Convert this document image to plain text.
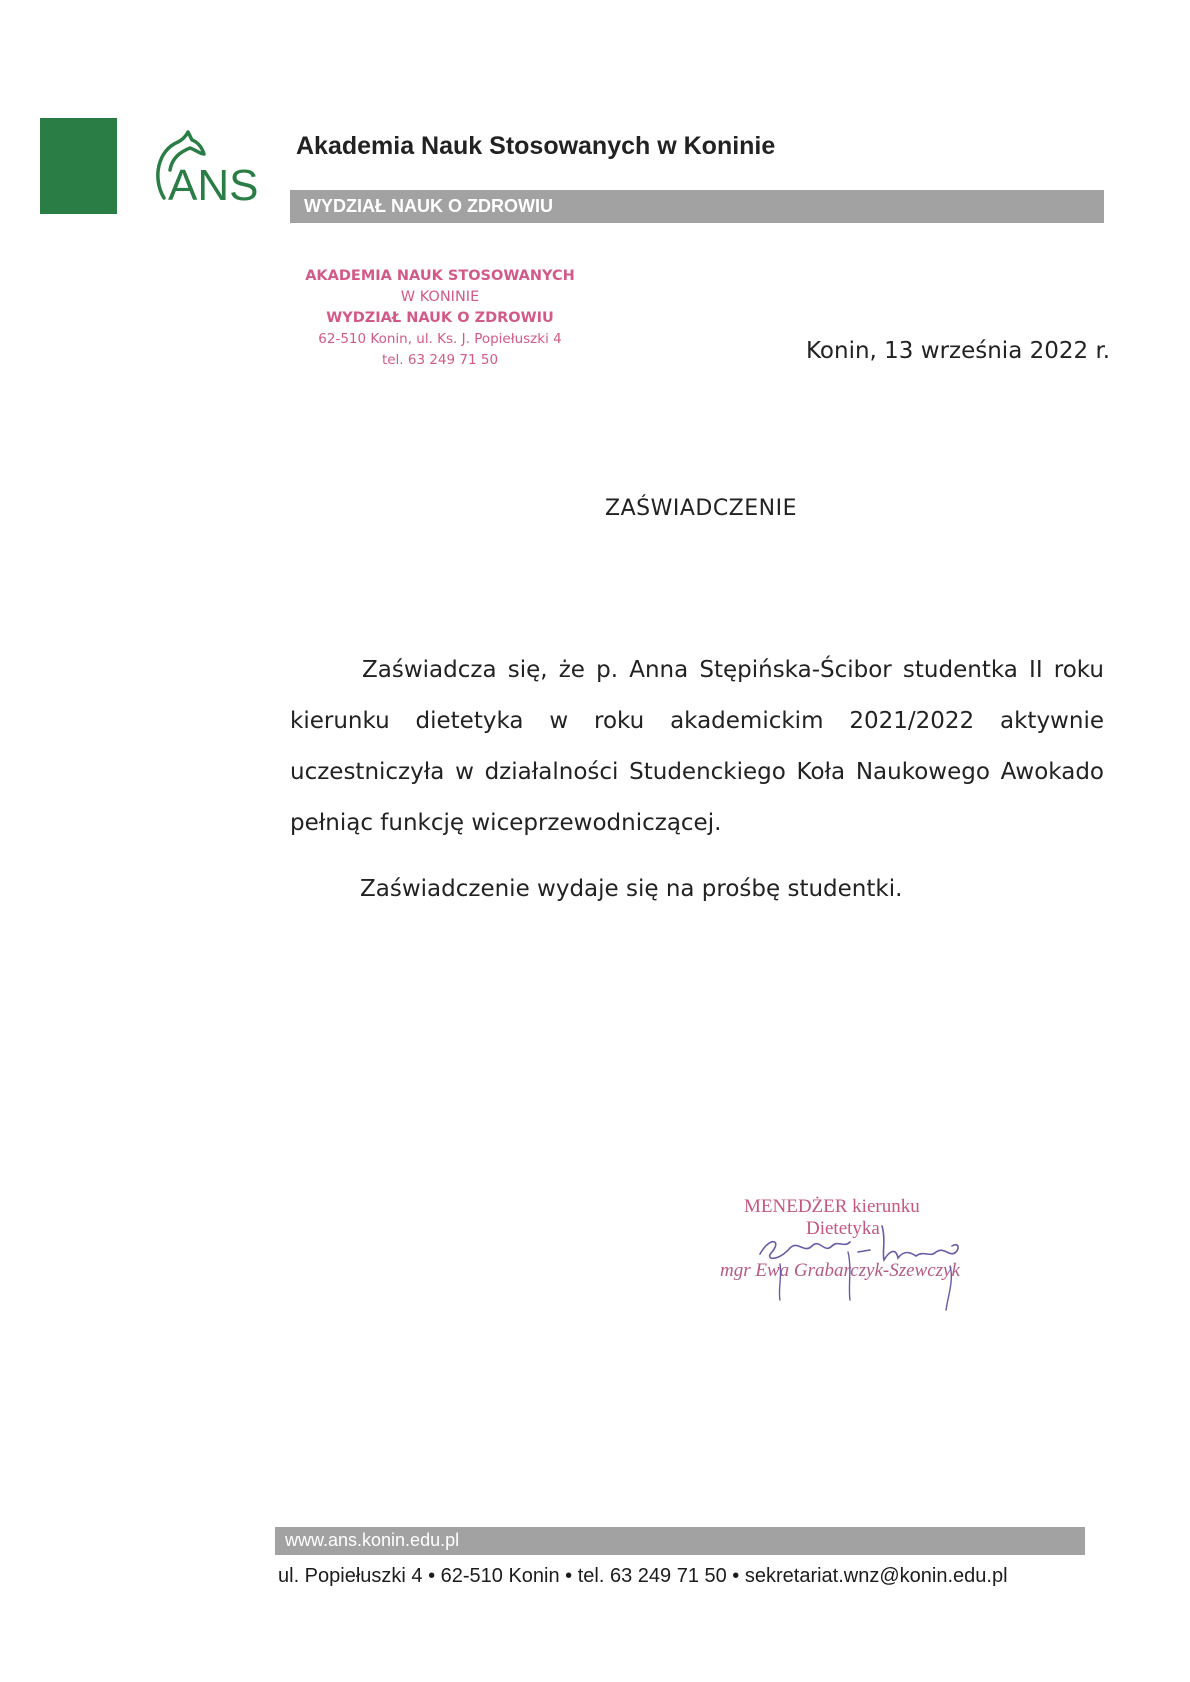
ANS
Akademia Nauk Stosowanych w Koninie
WYDZIAŁ NAUK O ZDROWIU
AKADEMIA NAUK STOSOWANYCH
W KONINIE
WYDZIAŁ NAUK O ZDROWIU
62-510 Konin, ul. Ks. J. Popiełuszki 4
tel. 63 249 71 50	Konin, 13 września 2022 r.
ZAŚWIADCZENIE
Zaświadcza się, że p. Anna Stępińska-Ścibor studentka II roku
kierunku dietetyka w roku akademickim 2021/2022 aktywnie
uczestniczyła w działalności Studenckiego Koła Naukowego Awokado
pełniąc funkcję wiceprzewodniczącej.
Zaświadczenie wydaje się na prośbę studentki.
MENEDŻER kierunku
Dietetyka
mgr Ewa Grabarczyk-Szewczyk
www.ans.konin.edu.pl
ul. Popiełuszki 4 • 62-510 Konin • tel. 63 249 71 50 • sekretariat.wnz@konin.edu.pl
